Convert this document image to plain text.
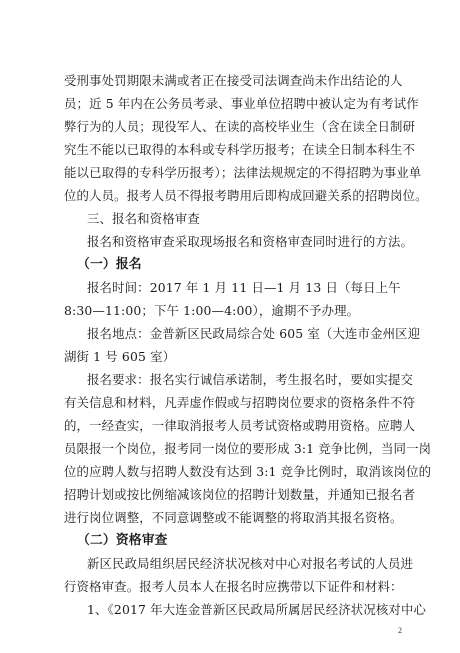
受刑事处罚期限未满或者正在接受司法调查尚未作出结论的人
员；近 5 年内在公务员考录、事业单位招聘中被认定为有考试作
弊行为的人员；现役军人、在读的高校毕业生（含在读全日制研
究生不能以已取得的本科或专科学历报考；在读全日制本科生不
能以已取得的专科学历报考）；法律法规规定的不得招聘为事业单
位的人员。报考人员不得报考聘用后即构成回避关系的招聘岗位。
三、报名和资格审查
报名和资格审查采取现场报名和资格审查同时进行的方法。
（一）报名
报名时间：2017 年 1 月 11 日—1 月 13 日（每日上午
8:30—11:00；下午 1:00—4:00），逾期不予办理。
报名地点：金普新区民政局综合处 605 室（大连市金州区迎
湖街 1 号 605 室）
报名要求：报名实行诚信承诺制，考生报名时，要如实提交
有关信息和材料，凡弄虚作假或与招聘岗位要求的资格条件不符
的，一经查实，一律取消报考人员考试资格或聘用资格。应聘人
员限报一个岗位，报考同一岗位的要形成 3:1 竞争比例，当同一岗
位的应聘人数与招聘人数没有达到 3:1 竞争比例时，取消该岗位的
招聘计划或按比例缩减该岗位的招聘计划数量，并通知已报名者
进行岗位调整，不同意调整或不能调整的将取消其报名资格。
（二）资格审查
新区民政局组织居民经济状况核对中心对报名考试的人员进
行资格审查。报考人员本人在报名时应携带以下证件和材料：
1、《2017 年大连金普新区民政局所属居民经济状况核对中心
2
